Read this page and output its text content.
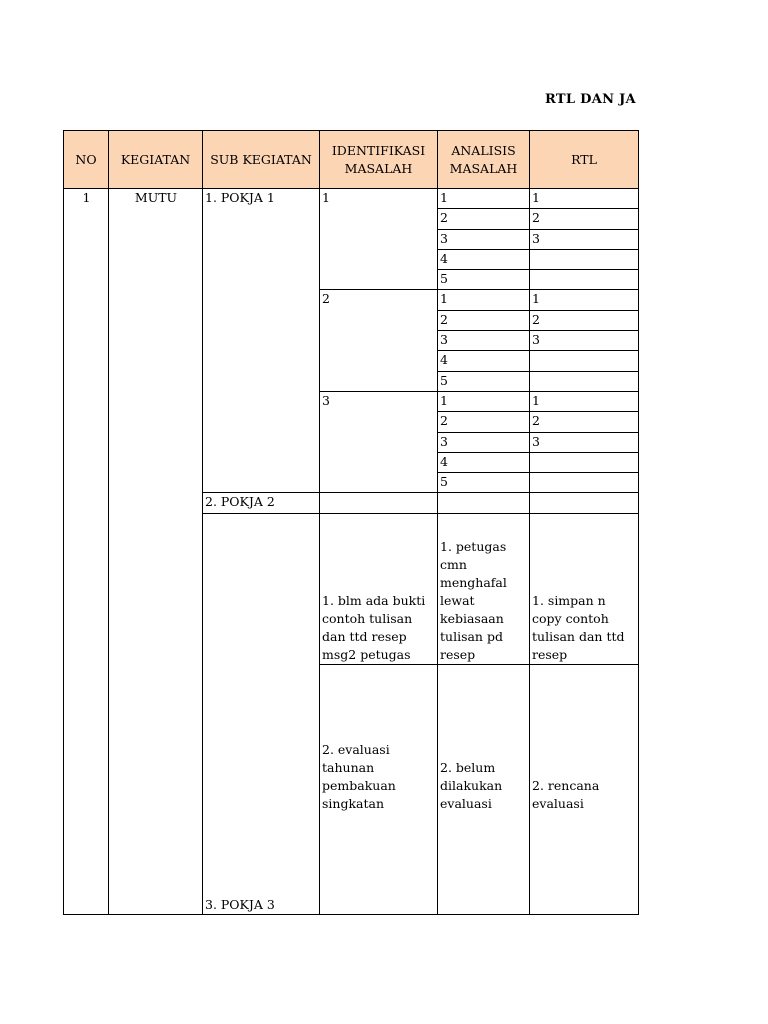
RTL DAN JA
NO	KEGIATAN	SUB KEGIATAN	IDENTIFIKASI MASALAH	ANALISIS MASALAH	RTL
1	MUTU	1. POKJA 1	1	1	1
				2	2
				3	3
				4	
				5	
			2	1	1
				2	2
				3	3
				4	
				5	
			3	1	1
				2	2
				3	3
				4	
				5	
		2. POKJA 2			
		3. POKJA 3	1. blm ada bukti contoh tulisan dan ttd resep msg2 petugas	1. petugas cmn menghafal lewat kebiasaan tulisan pd resep	1. simpan n copy contoh tulisan dan ttd resep
			2. evaluasi tahunan pembakuan singkatan	2. belum dilakukan evaluasi	2. rencana evaluasi
